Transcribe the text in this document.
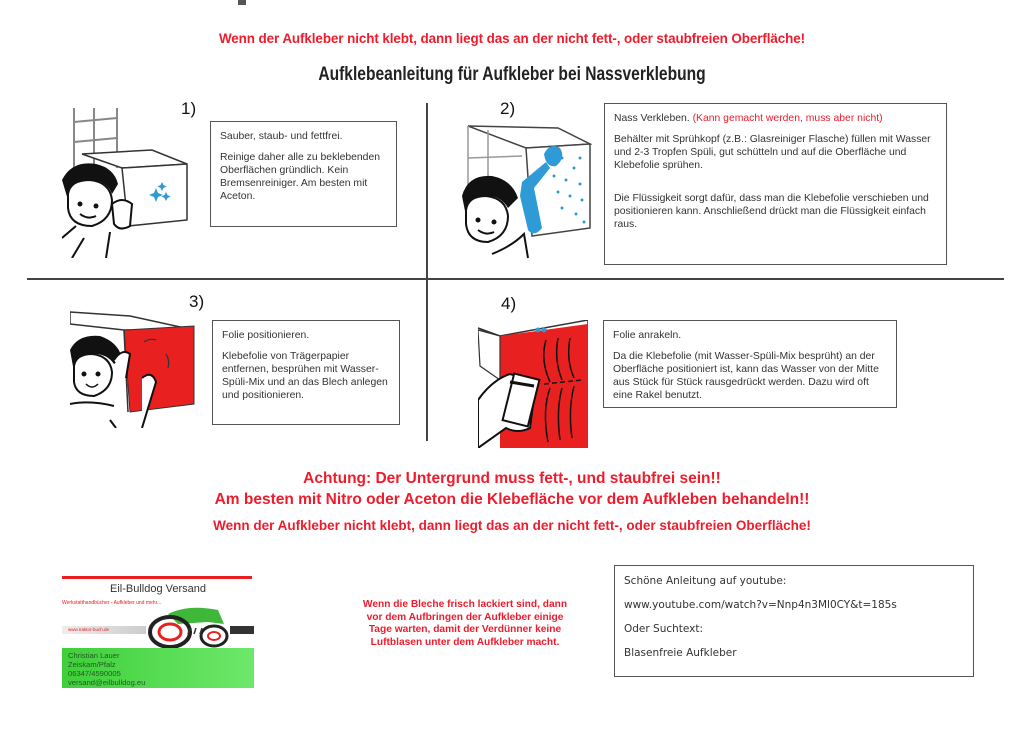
Wenn der Aufkleber nicht klebt, dann liegt das an der nicht fett-, oder staubfreien Oberfläche!
Aufklebeanleitung für Aufkleber bei Nassverklebung
1)

Sauber, staub- und fettfrei.

Reinige daher alle zu beklebenden Oberflächen gründlich. Kein Bremsenreiniger. Am besten mit Aceton.

2)

Nass Verkleben. (Kann gemacht werden, muss aber nicht)

Behälter mit Sprühkopf (z.B.: Glasreiniger Flasche) füllen mit Wasser und 2-3 Tropfen Spüli, gut schütteln und auf die Oberfläche und Klebefolie sprühen.

Die Flüssigkeit sorgt dafür, dass man die Klebefolie verschieben und positionieren kann. Anschließend drückt man die Flüssigkeit einfach raus.

3)

Folie positionieren.

Klebefolie von Trägerpapier entfernen, besprühen mit Wasser-Spüli-Mix und an das Blech anlegen und positionieren.

4)

Folie anrakeln.

Da die Klebefolie (mit Wasser-Spüli-Mix besprüht) an der Oberfläche positioniert ist, kann das Wasser von der Mitte aus Stück für Stück rausgedrückt werden. Dazu wird oft eine Rakel benutzt.

Achtung: Der Untergrund muss fett-, und staubfrei sein!!
Am besten mit Nitro oder Aceton die Klebefläche vor dem Aufkleben behandeln!!
Wenn der Aufkleber nicht klebt, dann liegt das an der nicht fett-, oder staubfreien Oberfläche!
Eil-Bulldog Versand
Werkstatthandbücher - Aufkleber und mehr...
www.traktor-buch.de
Christian Lauer
Zeiskam/Pfalz
06347/4590005
versand@eilbulldog.eu
Wenn die Bleche frisch lackiert sind, dann vor dem Aufbringen der Aufkleber einige Tage warten, damit der Verdünner keine Luftblasen unter dem Aufkleber macht.
Schöne Anleitung auf youtube:
www.youtube.com/watch?v=Nnp4n3Ml0CY&t=185s
Oder Suchtext:
Blasenfreie Aufkleber
